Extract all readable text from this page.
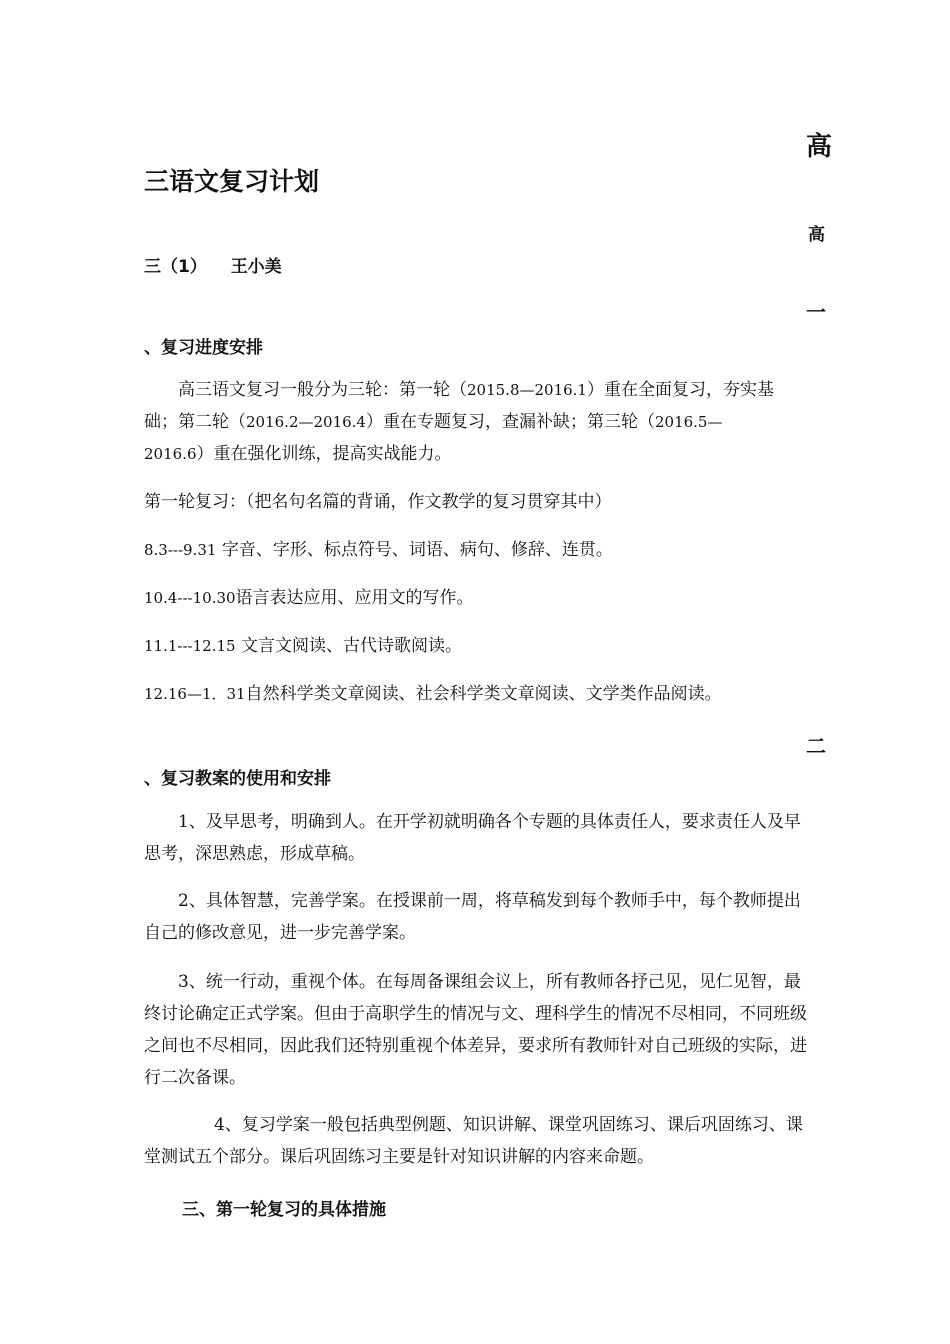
高
高
一
二
三语文复习计划
三（1） 王小美
、复习进度安排
高三语文复习一般分为三轮：第一轮（2015.8—2016.1）重在全面复习，夯实基
础；第二轮（2016.2—2016.4）重在专题复习，查漏补缺；第三轮（2016.5—
2016.6）重在强化训练，提高实战能力。
第一轮复习：（把名句名篇的背诵，作文教学的复习贯穿其中）
8.3---9.31 字音、字形、标点符号、词语、病句、修辞、连贯。
10.4---10.30语言表达应用、应用文的写作。
11.1---12.15 文言文阅读、古代诗歌阅读。
12.16—1．31自然科学类文章阅读、社会科学类文章阅读、文学类作品阅读。
、复习教案的使用和安排

1、及早思考，明确到人。在开学初就明确各个专题的具体责任人，要求责任人及早思考，深思熟虑，形成草稿。

2、具体智慧，完善学案。在授课前一周，将草稿发到每个教师手中，每个教师提出自己的修改意见，进一步完善学案。

3、统一行动，重视个体。在每周备课组会议上，所有教师各抒己见，见仁见智，最终讨论确定正式学案。但由于高职学生的情况与文、理科学生的情况不尽相同，不同班级之间也不尽相同，因此我们还特别重视个体差异，要求所有教师针对自己班级的实际，进行二次备课。

4、复习学案一般包括典型例题、知识讲解、课堂巩固练习、课后巩固练习、课堂测试五个部分。课后巩固练习主要是针对知识讲解的内容来命题。

三、第一轮复习的具体措施
